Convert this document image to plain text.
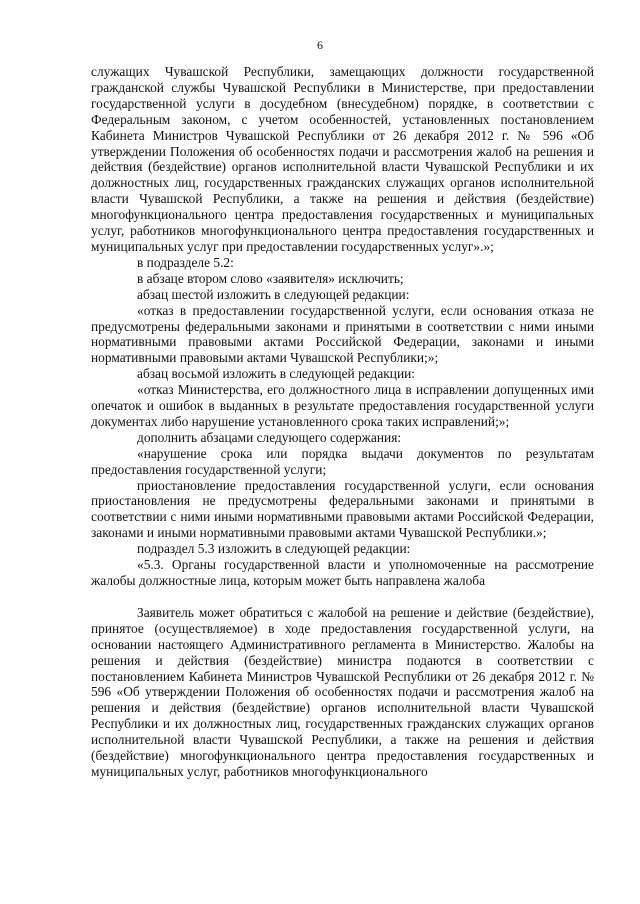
6

служащих Чувашской Республики, замещающих должности государственной гражданской службы Чувашской Республики в Министерстве, при предоставлении государственной услуги в досудебном (внесудебном) порядке, в соответствии с Федеральным законом, с учетом особенностей, установленных постановлением Кабинета Министров Чувашской Республики от 26 декабря 2012 г. № 596 «Об утверждении Положения об особенностях подачи и рассмотрения жалоб на решения и действия (бездействие) органов исполнительной власти Чувашской Республики и их должностных лиц, государственных гражданских служащих органов исполнительной власти Чувашской Республики, а также на решения и действия (бездействие) многофункционального центра предоставления государственных и муниципальных услуг, работников многофункционального центра предоставления государственных и муниципальных услуг при предоставлении государственных услуг».»;

в подразделе 5.2:

в абзаце втором слово «заявителя» исключить;

абзац шестой изложить в следующей редакции:

«отказ в предоставлении государственной услуги, если основания отказа не предусмотрены федеральными законами и принятыми в соответствии с ними иными нормативными правовыми актами Российской Федерации, законами и иными нормативными правовыми актами Чувашской Республики;»;

абзац восьмой изложить в следующей редакции:

«отказ Министерства, его должностного лица в исправлении допущенных ими опечаток и ошибок в выданных в результате предоставления государственной услуги документах либо нарушение установленного срока таких исправлений;»;

дополнить абзацами следующего содержания:

«нарушение срока или порядка выдачи документов по результатам предоставления государственной услуги;

приостановление предоставления государственной услуги, если основания приостановления не предусмотрены федеральными законами и принятыми в соответствии с ними иными нормативными правовыми актами Российской Федерации, законами и иными нормативными правовыми актами Чувашской Республики.»;

подраздел 5.3 изложить в следующей редакции:

«5.3. Органы государственной власти и уполномоченные на рассмотрение жалобы должностные лица, которым может быть направлена жалоба

Заявитель может обратиться с жалобой на решение и действие (бездействие), принятое (осуществляемое) в ходе предоставления государственной услуги, на основании настоящего Административного регламента в Министерство. Жалобы на решения и действия (бездействие) министра подаются в соответствии с постановлением Кабинета Министров Чувашской Республики от 26 декабря 2012 г. № 596 «Об утверждении Положения об особенностях подачи и рассмотрения жалоб на решения и действия (бездействие) органов исполнительной власти Чувашской Республики и их должностных лиц, государственных гражданских служащих органов исполнительной власти Чувашской Республики, а также на решения и действия (бездействие) многофункционального центра предоставления государственных и муниципальных услуг, работников многофункционального
